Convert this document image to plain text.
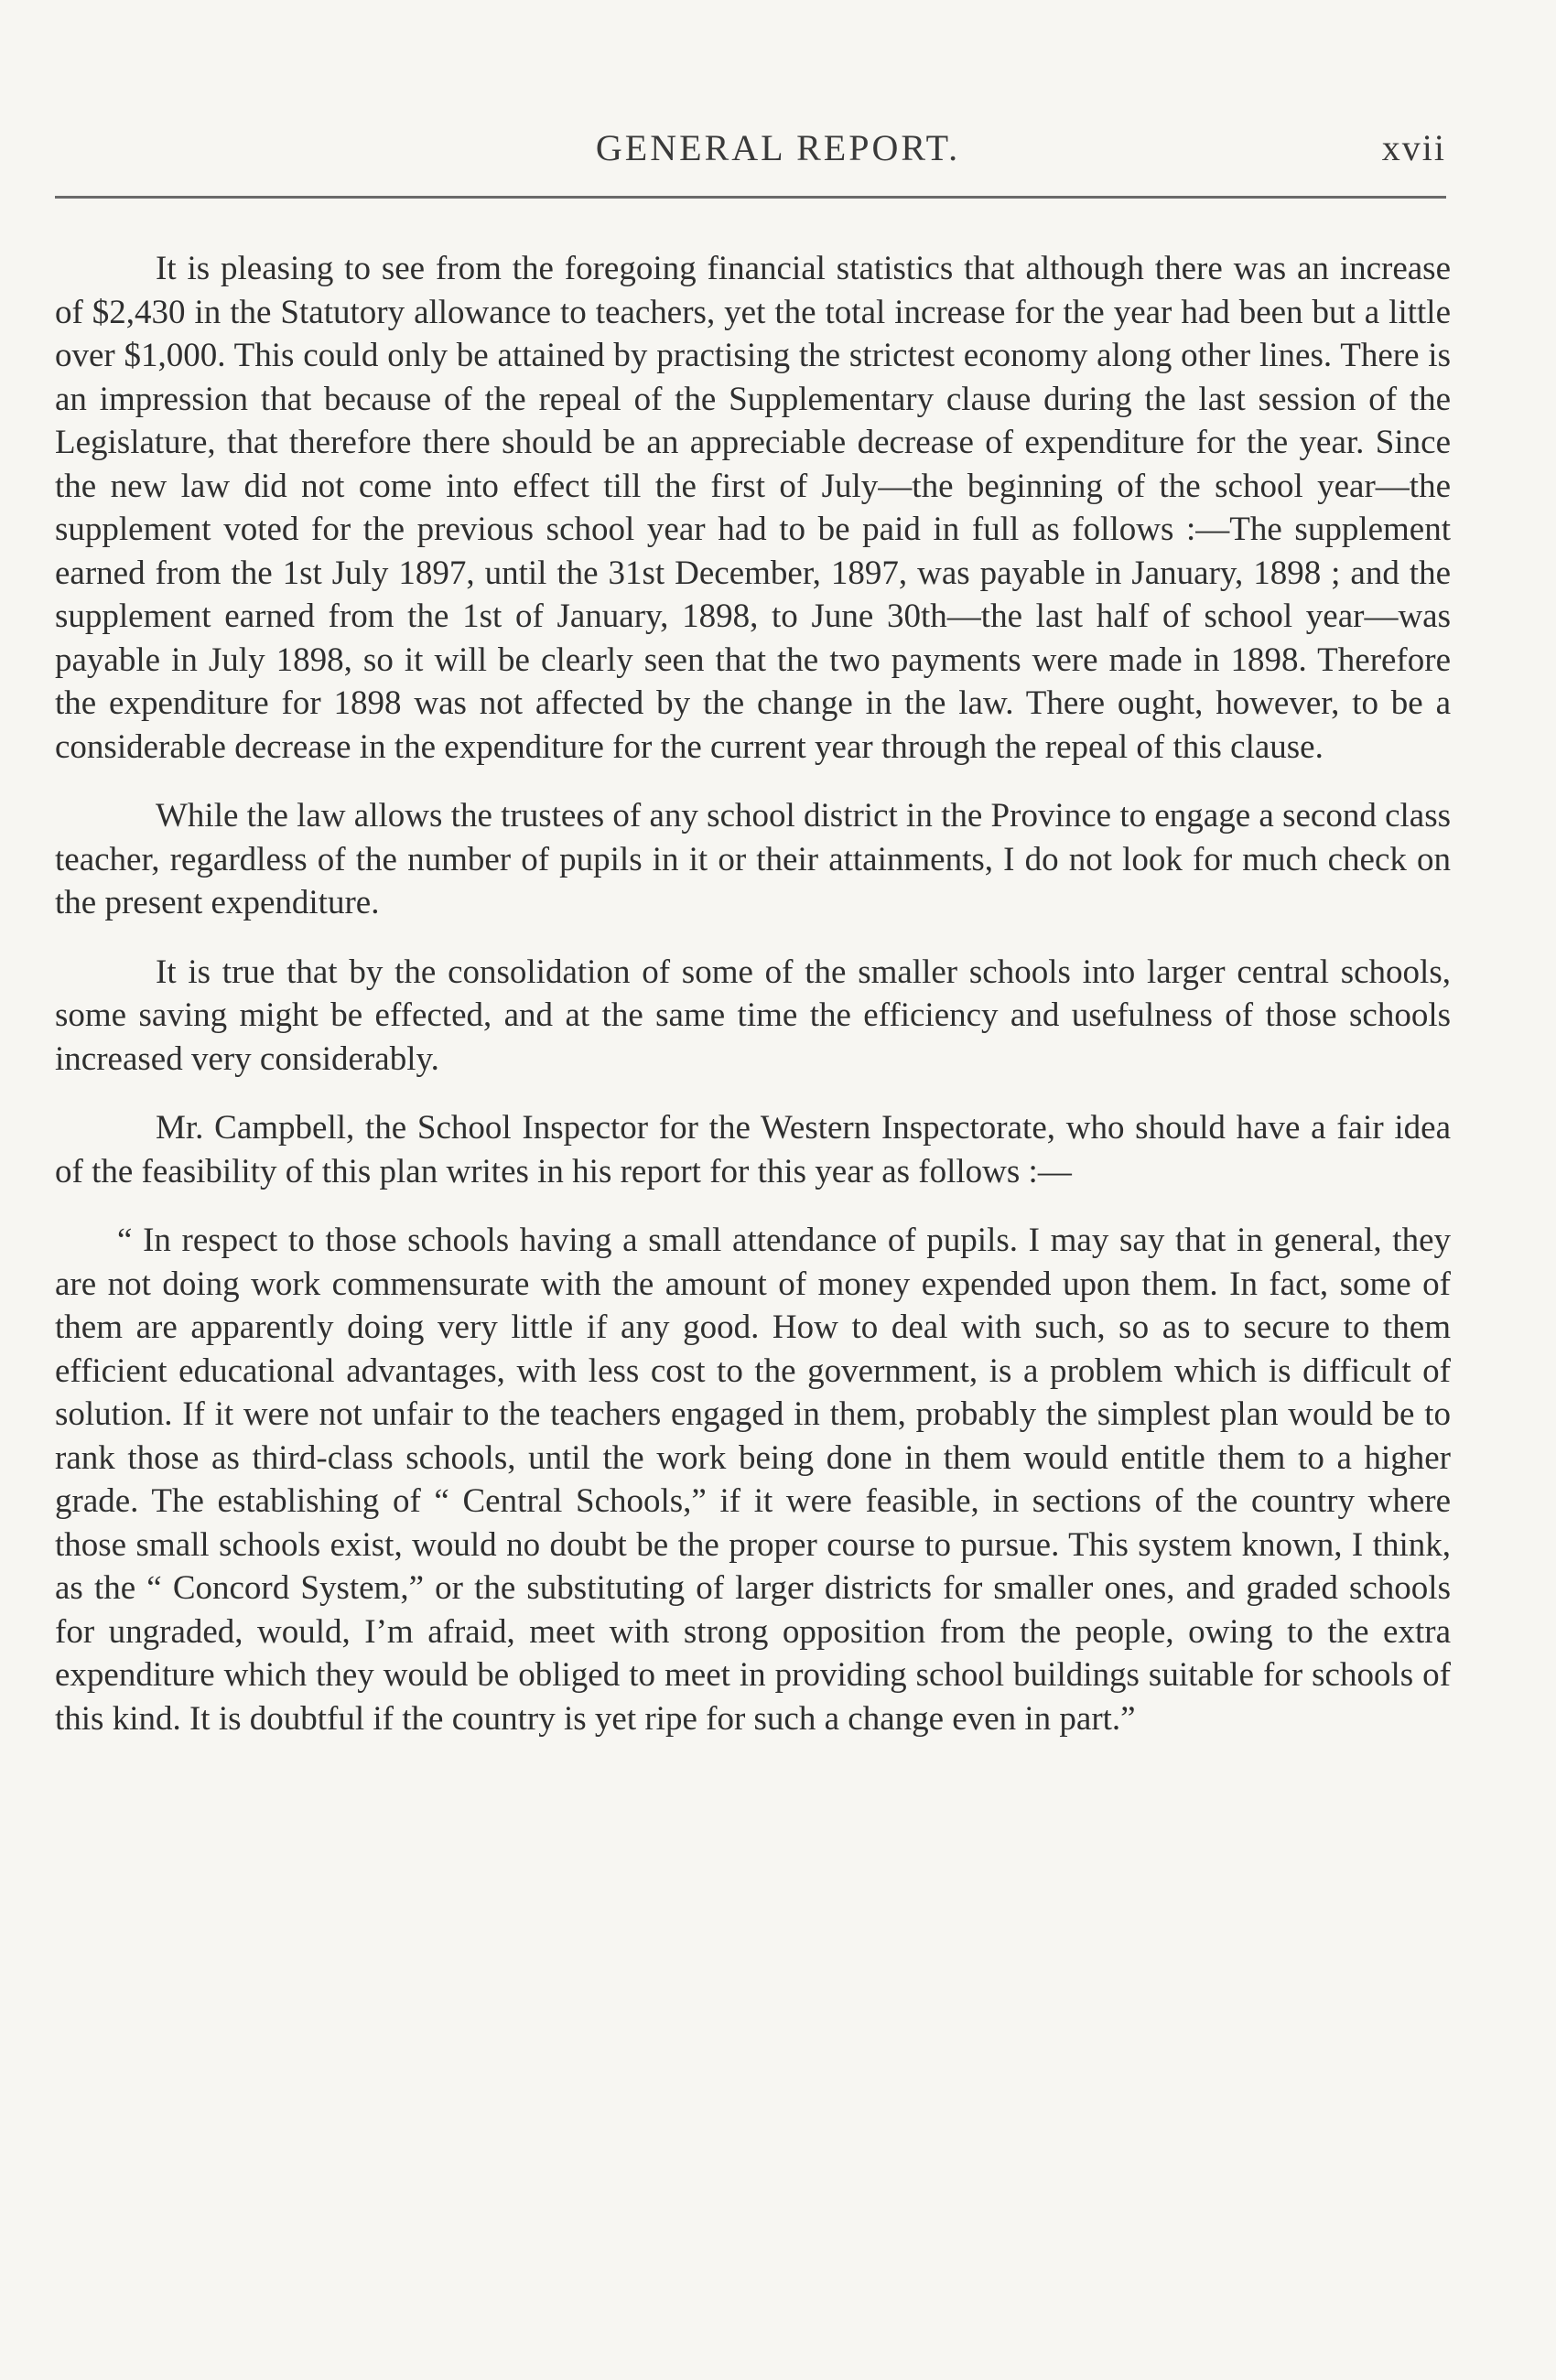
GENERAL REPORT.	xvii

It is pleasing to see from the foregoing financial statistics that although there was an increase of $2,430 in the Statutory allowance to teachers, yet the total increase for the year had been but a little over $1,000. This could only be attained by practising the strictest economy along other lines. There is an impression that because of the repeal of the Supplementary clause during the last session of the Legislature, that therefore there should be an appreciable decrease of expenditure for the year. Since the new law did not come into effect till the first of July—the beginning of the school year—the supplement voted for the previous school year had to be paid in full as follows :—The supplement earned from the 1st July 1897, until the 31st December, 1897, was payable in January, 1898 ; and the supplement earned from the 1st of January, 1898, to June 30th—the last half of school year—was payable in July 1898, so it will be clearly seen that the two payments were made in 1898. Therefore the expenditure for 1898 was not affected by the change in the law. There ought, however, to be a considerable decrease in the expenditure for the current year through the repeal of this clause.

While the law allows the trustees of any school district in the Province to engage a second class teacher, regardless of the number of pupils in it or their attainments, I do not look for much check on the present expenditure.

It is true that by the consolidation of some of the smaller schools into larger central schools, some saving might be effected, and at the same time the efficiency and usefulness of those schools increased very considerably.

Mr. Campbell, the School Inspector for the Western Inspectorate, who should have a fair idea of the feasibility of this plan writes in his report for this year as follows :—

“ In respect to those schools having a small attendance of pupils. I may say that in general, they are not doing work commensurate with the amount of money expended upon them. In fact, some of them are apparently doing very little if any good. How to deal with such, so as to secure to them efficient educational advantages, with less cost to the government, is a problem which is difficult of solution. If it were not unfair to the teachers engaged in them, probably the simplest plan would be to rank those as third-class schools, until the work being done in them would entitle them to a higher grade. The establishing of “ Central Schools,” if it were feasible, in sections of the country where those small schools exist, would no doubt be the proper course to pursue. This system known, I think, as the “ Concord System,” or the substituting of larger districts for smaller ones, and graded schools for ungraded, would, I’m afraid, meet with strong opposition from the people, owing to the extra expenditure which they would be obliged to meet in providing school buildings suitable for schools of this kind. It is doubtful if the country is yet ripe for such a change even in part.”
